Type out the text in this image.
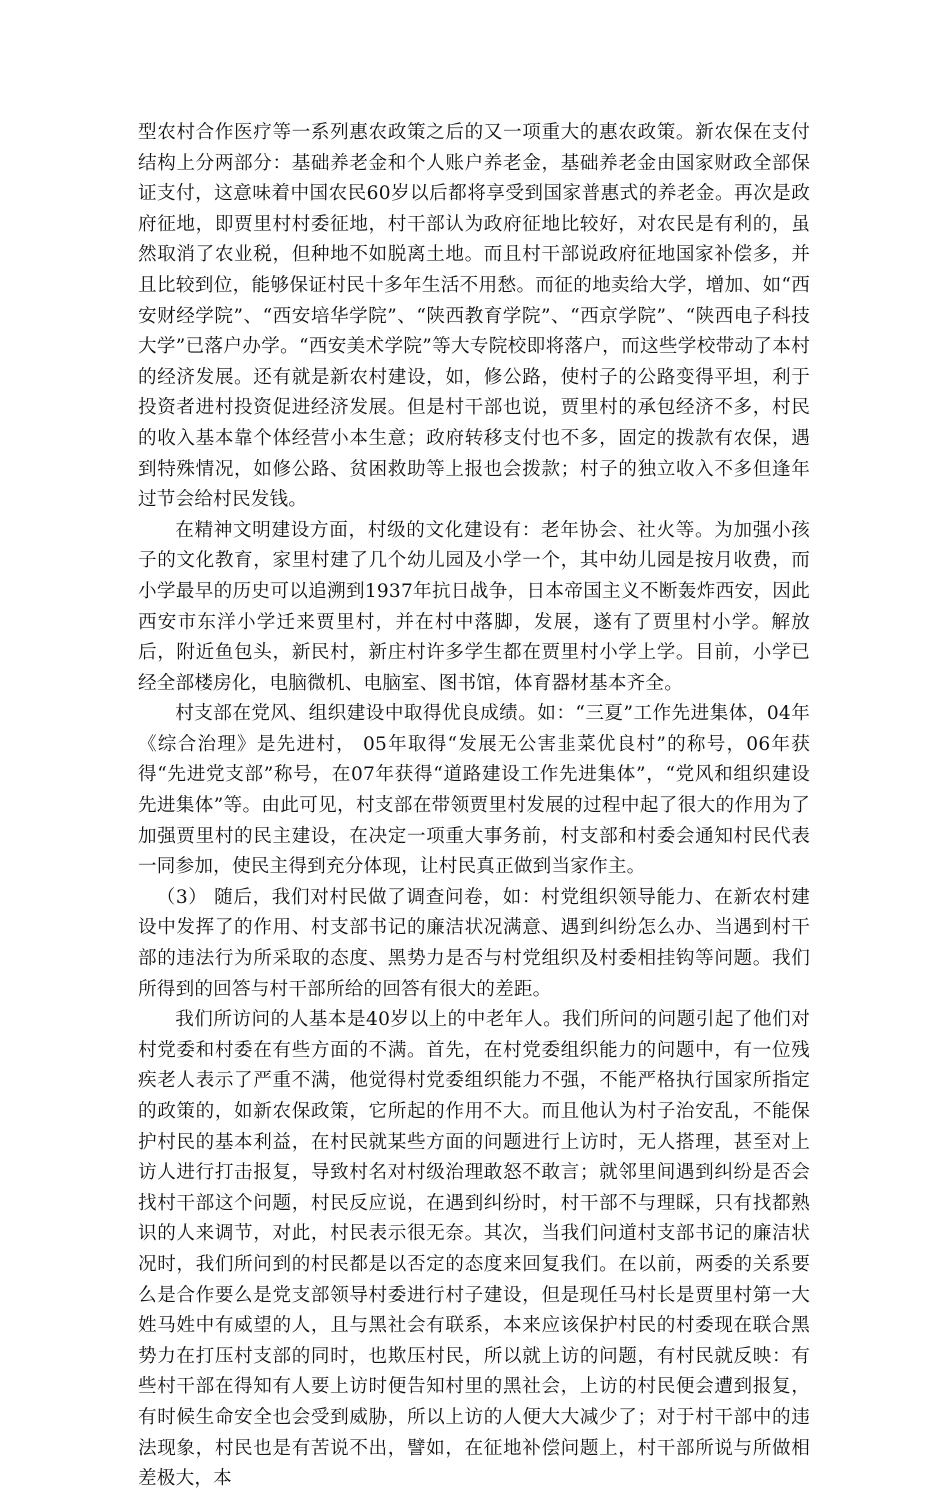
型农村合作医疗等一系列惠农政策之后的又一项重大的惠农政策。新农保在支付结构上分两部分：基础养老金和个人账户养老金，基础养老金由国家财政全部保证支付，这意味着中国农民60岁以后都将享受到国家普惠式的养老金。再次是政府征地，即贾里村村委征地，村干部认为政府征地比较好，对农民是有利的，虽然取消了农业税，但种地不如脱离土地。而且村干部说政府征地国家补偿多，并且比较到位，能够保证村民十多年生活不用愁。而征的地卖给大学，增加、如“西安财经学院”、“西安培华学院”、“陕西教育学院”、“西京学院”、“陕西电子科技大学”已落户办学。“西安美术学院”等大专院校即将落户，而这些学校带动了本村的经济发展。还有就是新农村建设，如，修公路，使村子的公路变得平坦，利于投资者进村投资促进经济发展。但是村干部也说，贾里村的承包经济不多，村民的收入基本靠个体经营小本生意；政府转移支付也不多，固定的拨款有农保，遇到特殊情况，如修公路、贫困救助等上报也会拨款；村子的独立收入不多但逢年过节会给村民发钱。

在精神文明建设方面，村级的文化建设有：老年协会、社火等。为加强小孩子的文化教育，家里村建了几个幼儿园及小学一个，其中幼儿园是按月收费，而小学最早的历史可以追溯到1937年抗日战争，日本帝国主义不断轰炸西安，因此西安市东洋小学迁来贾里村，并在村中落脚，发展，遂有了贾里村小学。解放后，附近鱼包头，新民村，新庄村许多学生都在贾里村小学上学。目前，小学已经全部楼房化，电脑微机、电脑室、图书馆，体育器材基本齐全。

村支部在党风、组织建设中取得优良成绩。如：“三夏”工作先进集体，04年《综合治理》是先进村， 05年取得“发展无公害韭菜优良村”的称号，06年获得“先进党支部”称号，在07年获得“道路建设工作先进集体”，“党风和组织建设先进集体”等。由此可见，村支部在带领贾里村发展的过程中起了很大的作用为了加强贾里村的民主建设，在决定一项重大事务前，村支部和村委会通知村民代表一同参加，使民主得到充分体现，让村民真正做到当家作主。

（3） 随后，我们对村民做了调查问卷，如：村党组织领导能力、在新农村建设中发挥了的作用、村支部书记的廉洁状况满意、遇到纠纷怎么办、当遇到村干部的违法行为所采取的态度、黑势力是否与村党组织及村委相挂钩等问题。我们所得到的回答与村干部所给的回答有很大的差距。

我们所访问的人基本是40岁以上的中老年人。我们所问的问题引起了他们对村党委和村委在有些方面的不满。首先，在村党委组织能力的问题中，有一位残疾老人表示了严重不满，他觉得村党委组织能力不强，不能严格执行国家所指定的政策的，如新农保政策，它所起的作用不大。而且他认为村子治安乱，不能保护村民的基本利益，在村民就某些方面的问题进行上访时，无人搭理，甚至对上访人进行打击报复，导致村名对村级治理敢怒不敢言；就邻里间遇到纠纷是否会找村干部这个问题，村民反应说，在遇到纠纷时，村干部不与理睬，只有找都熟识的人来调节，对此，村民表示很无奈。其次，当我们问道村支部书记的廉洁状况时，我们所问到的村民都是以否定的态度来回复我们。在以前，两委的关系要么是合作要么是党支部领导村委进行村子建设，但是现任马村长是贾里村第一大姓马姓中有威望的人，且与黑社会有联系，本来应该保护村民的村委现在联合黑势力在打压村支部的同时，也欺压村民，所以就上访的问题，有村民就反映：有些村干部在得知有人要上访时便告知村里的黑社会，上访的村民便会遭到报复，有时候生命安全也会受到威胁，所以上访的人便大大减少了；对于村干部中的违法现象，村民也是有苦说不出，譬如，在征地补偿问题上，村干部所说与所做相差极大，本
